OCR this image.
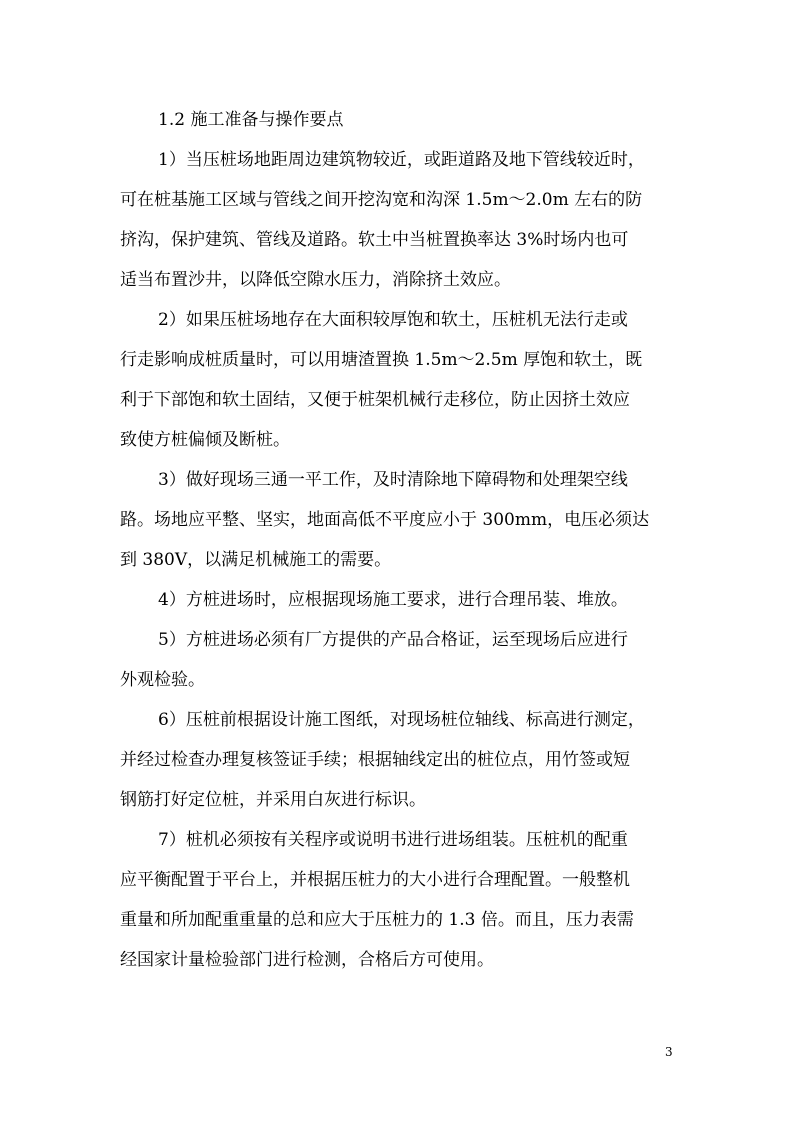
1.2 施工准备与操作要点

1）当压桩场地距周边建筑物较近，或距道路及地下管线较近时，
可在桩基施工区域与管线之间开挖沟宽和沟深 1.5m～2.0m 左右的防
挤沟，保护建筑、管线及道路。软土中当桩置换率达 3%时场内也可
适当布置沙井，以降低空隙水压力，消除挤土效应。
2）如果压桩场地存在大面积较厚饱和软土，压桩机无法行走或
行走影响成桩质量时，可以用塘渣置换 1.5m～2.5m 厚饱和软土，既
利于下部饱和软土固结，又便于桩架机械行走移位，防止因挤土效应
致使方桩偏倾及断桩。
3）做好现场三通一平工作，及时清除地下障碍物和处理架空线
路。场地应平整、坚实，地面高低不平度应小于 300mm，电压必须达
到 380V，以满足机械施工的需要。
4）方桩进场时，应根据现场施工要求，进行合理吊装、堆放。
5）方桩进场必须有厂方提供的产品合格证，运至现场后应进行
外观检验。
6）压桩前根据设计施工图纸，对现场桩位轴线、标高进行测定，
并经过检查办理复核签证手续；根据轴线定出的桩位点，用竹签或短
钢筋打好定位桩，并采用白灰进行标识。
7）桩机必须按有关程序或说明书进行进场组装。压桩机的配重
应平衡配置于平台上，并根据压桩力的大小进行合理配置。一般整机
重量和所加配重重量的总和应大于压桩力的 1.3 倍。而且，压力表需
经国家计量检验部门进行检测，合格后方可使用。
3
